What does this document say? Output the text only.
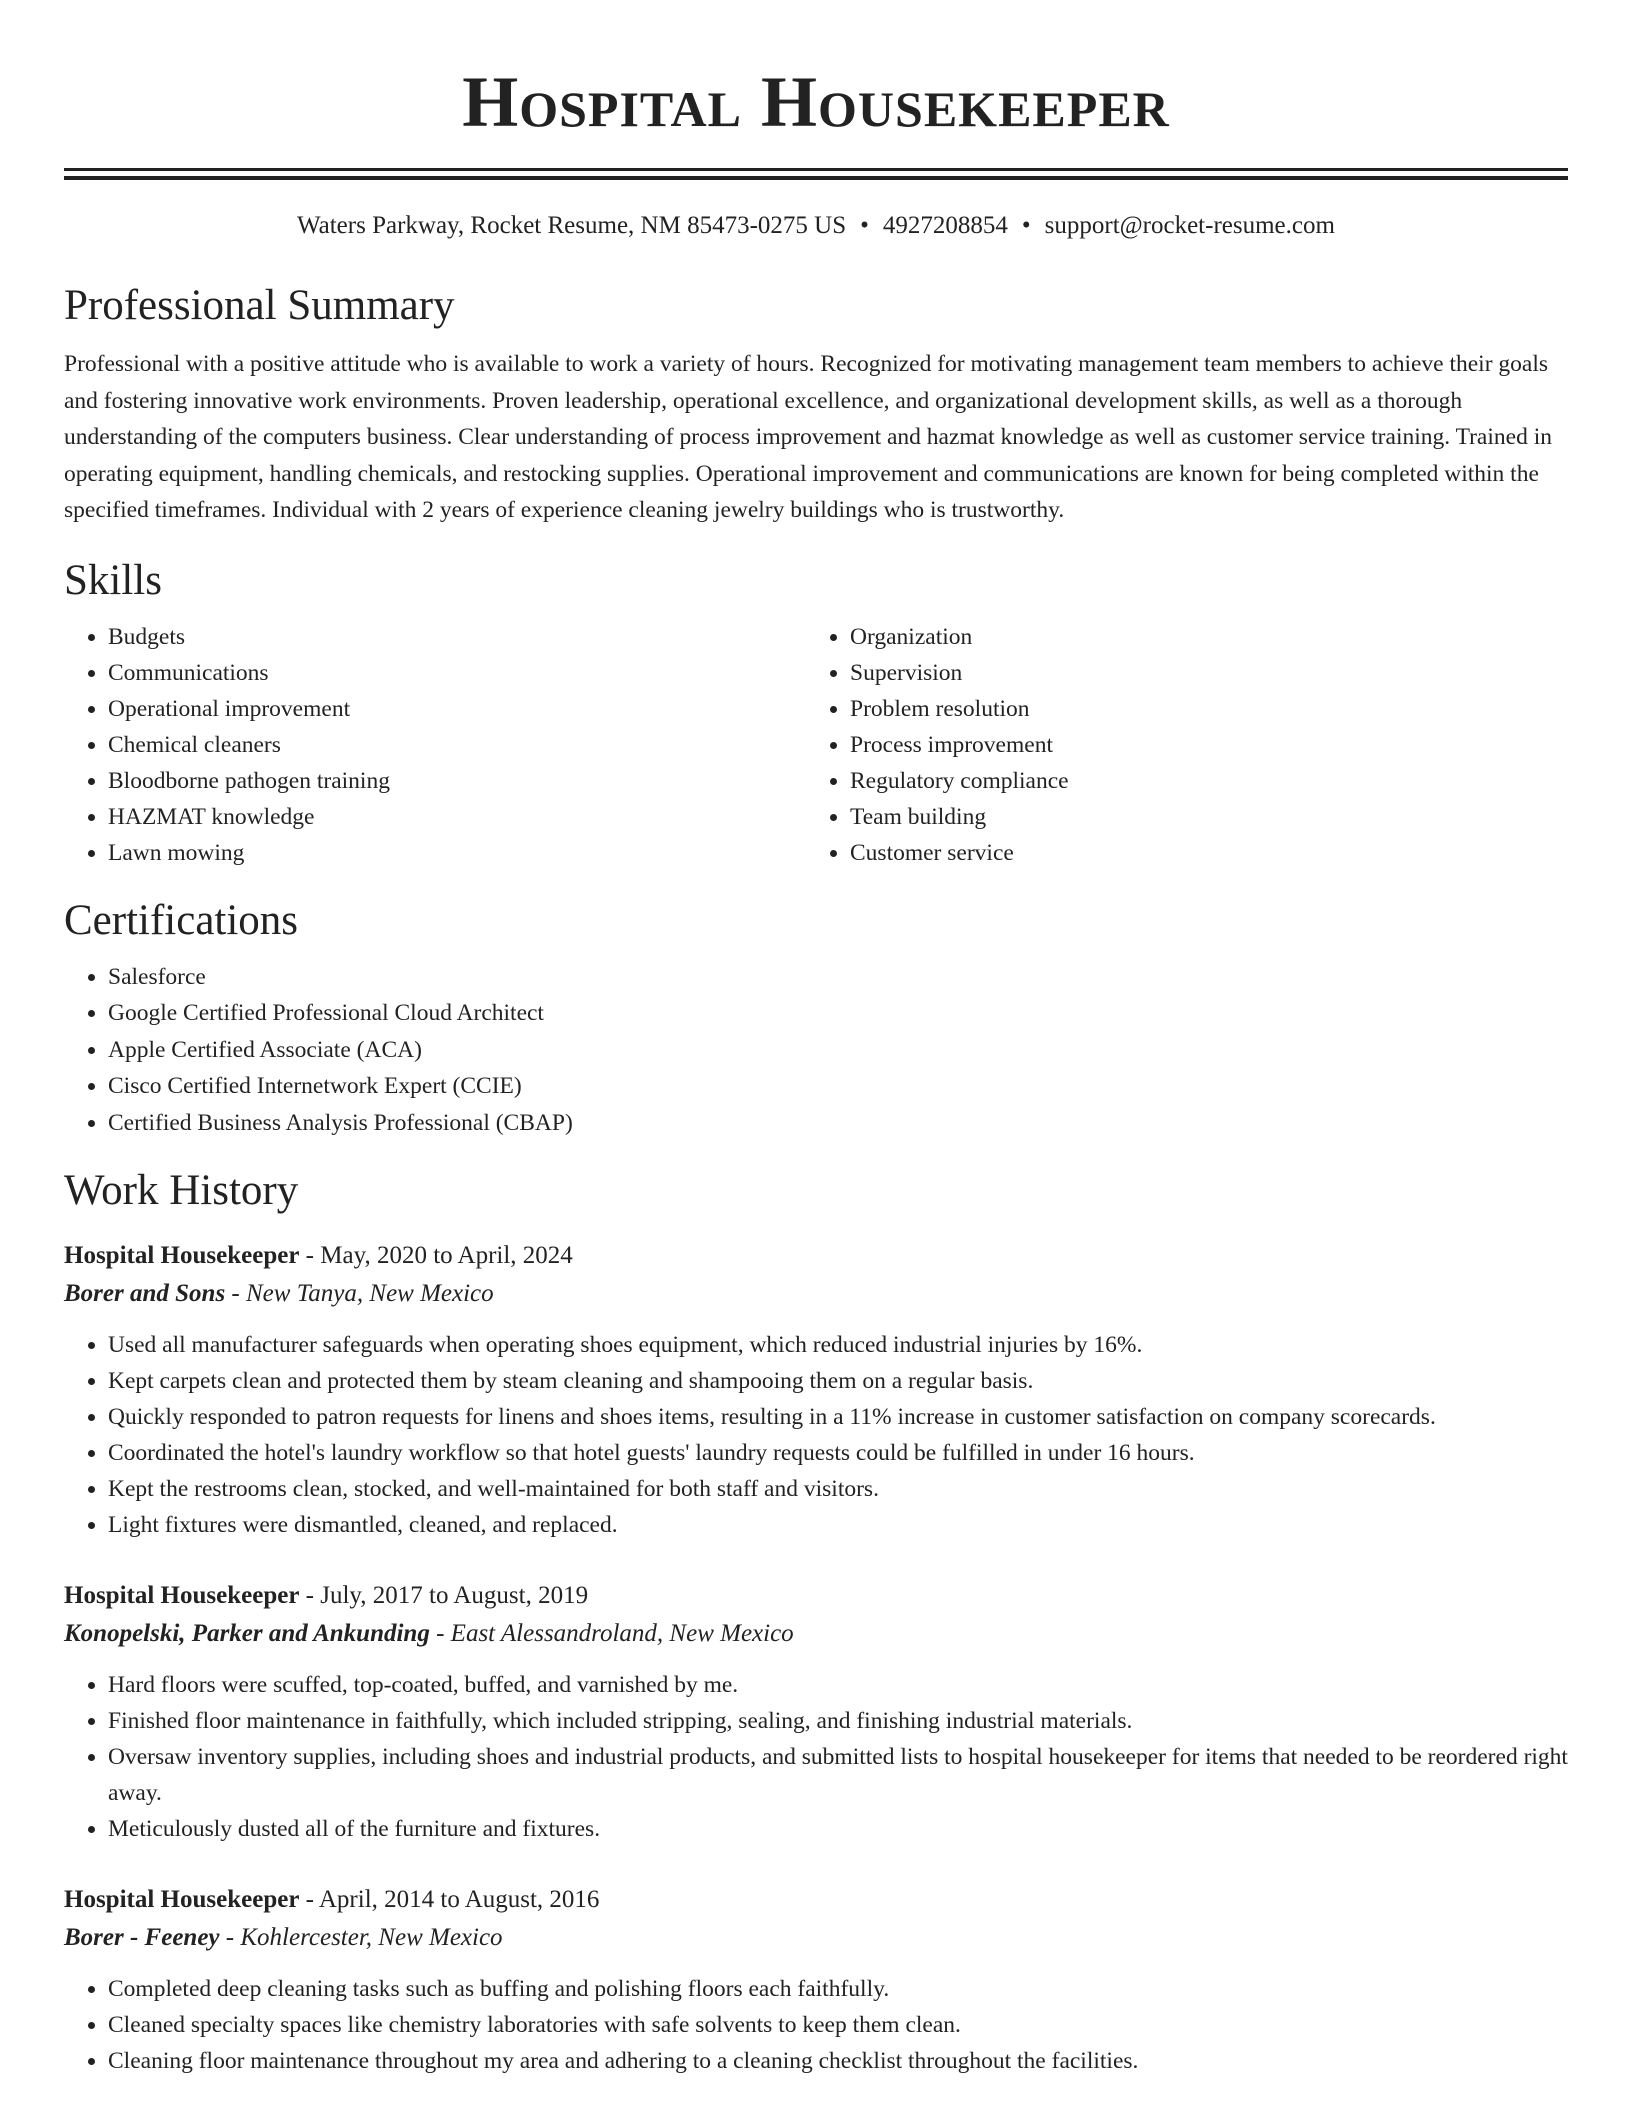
Hospital Housekeeper
Waters Parkway, Rocket Resume, NM 85473-0275 US • 4927208854 • support@rocket-resume.com
Professional Summary

Professional with a positive attitude who is available to work a variety of hours. Recognized for motivating management team members to achieve their goals and fostering innovative work environments. Proven leadership, operational excellence, and organizational development skills, as well as a thorough understanding of the computers business. Clear understanding of process improvement and hazmat knowledge as well as customer service training. Trained in operating equipment, handling chemicals, and restocking supplies. Operational improvement and communications are known for being completed within the specified timeframes. Individual with 2 years of experience cleaning jewelry buildings who is trustworthy.

Skills
• Budgets
• Communications
• Operational improvement
• Chemical cleaners
• Bloodborne pathogen training
• HAZMAT knowledge
• Lawn mowing
• Organization
• Supervision
• Problem resolution
• Process improvement
• Regulatory compliance
• Team building
• Customer service
Certifications
• Salesforce
• Google Certified Professional Cloud Architect
• Apple Certified Associate (ACA)
• Cisco Certified Internetwork Expert (CCIE)
• Certified Business Analysis Professional (CBAP)
Work History
Hospital Housekeeper - May, 2020 to April, 2024
Borer and Sons - New Tanya, New Mexico
• Used all manufacturer safeguards when operating shoes equipment, which reduced industrial injuries by 16%.
• Kept carpets clean and protected them by steam cleaning and shampooing them on a regular basis.
• Quickly responded to patron requests for linens and shoes items, resulting in a 11% increase in customer satisfaction on company scorecards.
• Coordinated the hotel's laundry workflow so that hotel guests' laundry requests could be fulfilled in under 16 hours.
• Kept the restrooms clean, stocked, and well-maintained for both staff and visitors.
• Light fixtures were dismantled, cleaned, and replaced.
Hospital Housekeeper - July, 2017 to August, 2019
Konopelski, Parker and Ankunding - East Alessandroland, New Mexico
• Hard floors were scuffed, top-coated, buffed, and varnished by me.
• Finished floor maintenance in faithfully, which included stripping, sealing, and finishing industrial materials.
• Oversaw inventory supplies, including shoes and industrial products, and submitted lists to hospital housekeeper for items that needed to be reordered right away.
• Meticulously dusted all of the furniture and fixtures.
Hospital Housekeeper - April, 2014 to August, 2016
Borer - Feeney - Kohlercester, New Mexico
• Completed deep cleaning tasks such as buffing and polishing floors each faithfully.
• Cleaned specialty spaces like chemistry laboratories with safe solvents to keep them clean.
• Cleaning floor maintenance throughout my area and adhering to a cleaning checklist throughout the facilities.
